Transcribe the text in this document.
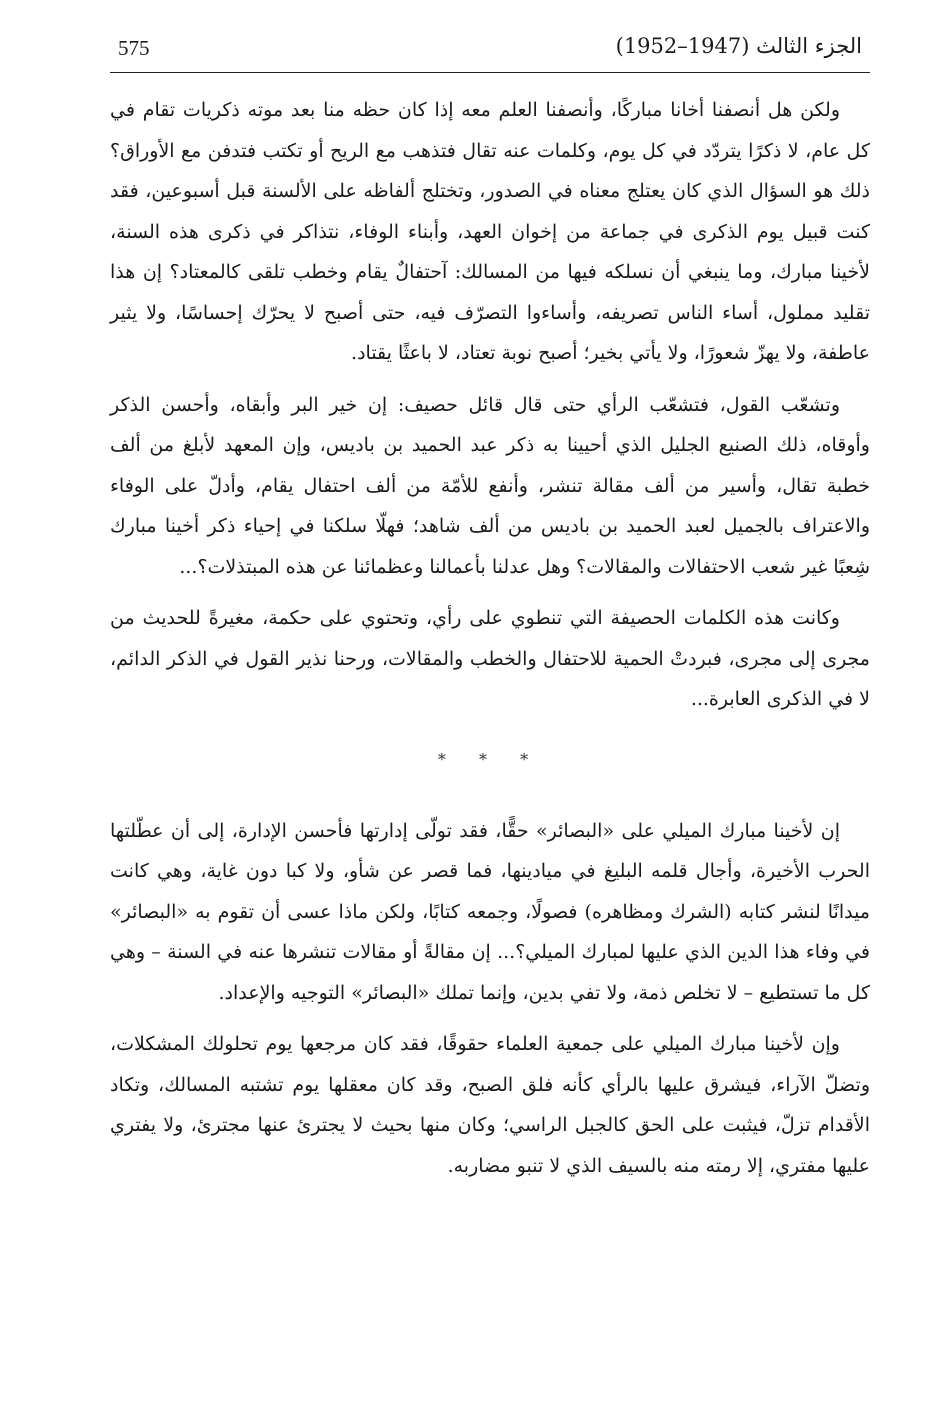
575	الجزء الثالث (1947–1952)

ولكن هل أنصفنا أخانا مباركًا، وأنصفنا العلم معه إذا كان حظه منا بعد موته ذكريات تقام في كل عام، لا ذكرًا يتردّد في كل يوم، وكلمات عنه تقال فتذهب مع الريح أو تكتب فتدفن مع الأوراق؟ ذلك هو السؤال الذي كان يعتلج معناه في الصدور، وتختلج ألفاظه على الألسنة قبل أسبوعين، فقد كنت قبيل يوم الذكرى في جماعة من إخوان العهد، وأبناء الوفاء، نتذاكر في ذكرى هذه السنة، لأخينا مبارك، وما ينبغي أن نسلكه فيها من المسالك: آحتفالٌ يقام وخطب تلقى كالمعتاد؟ إن هذا تقليد مملول، أساء الناس تصريفه، وأساءوا التصرّف فيه، حتى أصبح لا يحرّك إحساسًا، ولا يثير عاطفة، ولا يهزّ شعورًا، ولا يأتي بخير؛ أصبح نوبة تعتاد، لا باعثًا يقتاد.

وتشعّب القول، فتشعّب الرأي حتى قال قائل حصيف: إن خير البر وأبقاه، وأحسن الذكر وأوقاه، ذلك الصنيع الجليل الذي أحيينا به ذكر عبد الحميد بن باديس، وإن المعهد لأبلغ من ألف خطبة تقال، وأسير من ألف مقالة تنشر، وأنفع للأمّة من ألف احتفال يقام، وأدلّ على الوفاء والاعتراف بالجميل لعبد الحميد بن باديس من ألف شاهد؛ فهلّا سلكنا في إحياء ذكر أخينا مبارك شِعبًا غير شعب الاحتفالات والمقالات؟ وهل عدلنا بأعمالنا وعظمائنا عن هذه المبتذلات؟...

وكانت هذه الكلمات الحصيفة التي تنطوي على رأي، وتحتوي على حكمة، مغيرةً للحديث من مجرى إلى مجرى، فبردتْ الحمية للاحتفال والخطب والمقالات، ورحنا نذير القول في الذكر الدائم، لا في الذكرى العابرة...

* * *

إن لأخينا مبارك الميلي على «البصائر» حقًّا، فقد تولّى إدارتها فأحسن الإدارة، إلى أن عطّلتها الحرب الأخيرة، وأجال قلمه البليغ في ميادينها، فما قصر عن شأو، ولا كبا دون غاية، وهي كانت ميدانًا لنشر كتابه (الشرك ومظاهره) فصولًا، وجمعه كتابًا، ولكن ماذا عسى أن تقوم به «البصائر» في وفاء هذا الدين الذي عليها لمبارك الميلي؟... إن مقالةً أو مقالات تنشرها عنه في السنة – وهي كل ما تستطيع – لا تخلص ذمة، ولا تفي بدين، وإنما تملك «البصائر» التوجيه والإعداد.

وإن لأخينا مبارك الميلي على جمعية العلماء حقوقًا، فقد كان مرجعها يوم تحلولك المشكلات، وتضلّ الآراء، فيشرق عليها بالرأي كأنه فلق الصبح، وقد كان معقلها يوم تشتبه المسالك، وتكاد الأقدام تزلّ، فيثبت على الحق كالجبل الراسي؛ وكان منها بحيث لا يجترئ عنها مجترئ، ولا يفتري عليها مفتري، إلا رمته منه بالسيف الذي لا تنبو مضاربه.
